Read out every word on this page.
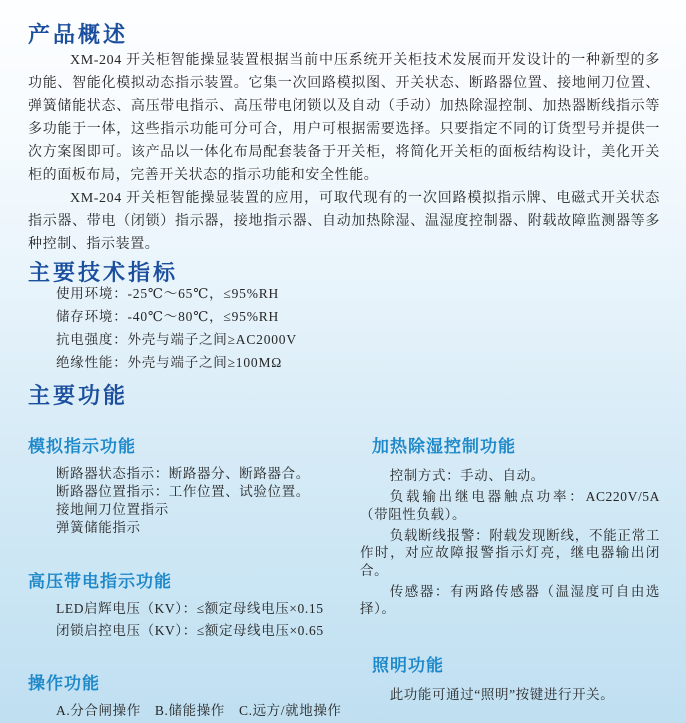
产品概述

XM-204 开关柜智能操显装置根据当前中压系统开关柜技术发展而开发设计的一种新型的多功能、智能化模拟动态指示装置。它集一次回路模拟图、开关状态、断路器位置、接地闸刀位置、弹簧储能状态、高压带电指示、高压带电闭锁以及自动（手动）加热除湿控制、加热器断线指示等多功能于一体，这些指示功能可分可合，用户可根据需要选择。只要指定不同的订货型号并提供一次方案图即可。该产品以一体化布局配套装备于开关柜，将简化开关柜的面板结构设计，美化开关柜的面板布局，完善开关状态的指示功能和安全性能。

XM-204 开关柜智能操显装置的应用，可取代现有的一次回路模拟指示牌、电磁式开关状态指示器、带电（闭锁）指示器，接地指示器、自动加热除湿、温湿度控制器、附载故障监测器等多种控制、指示装置。

主要技术指标

使用环境：-25℃～65℃，≤95%RH

储存环境：-40℃～80℃，≤95%RH

抗电强度：外壳与端子之间≥AC2000V

绝缘性能：外壳与端子之间≥100MΩ

主要功能
模拟指示功能

断路器状态指示：断路器分、断路器合。

断路器位置指示：工作位置、试验位置。

接地闸刀位置指示

弹簧储能指示

高压带电指示功能

LED启辉电压（KV）：≤额定母线电压×0.15

闭锁启控电压（KV）：≤额定母线电压×0.65

操作功能

A.分合闸操作　B.储能操作　C.远方/就地操作

加热除湿控制功能

控制方式：手动、自动。

负载输出继电器触点功率：AC220V/5A（带阻性负载）。

负载断线报警：附载发现断线，不能正常工作时，对应故障报警指示灯亮，继电器输出闭合。

传感器：有两路传感器（温湿度可自由选择）。

照明功能

此功能可通过“照明”按键进行开关。
